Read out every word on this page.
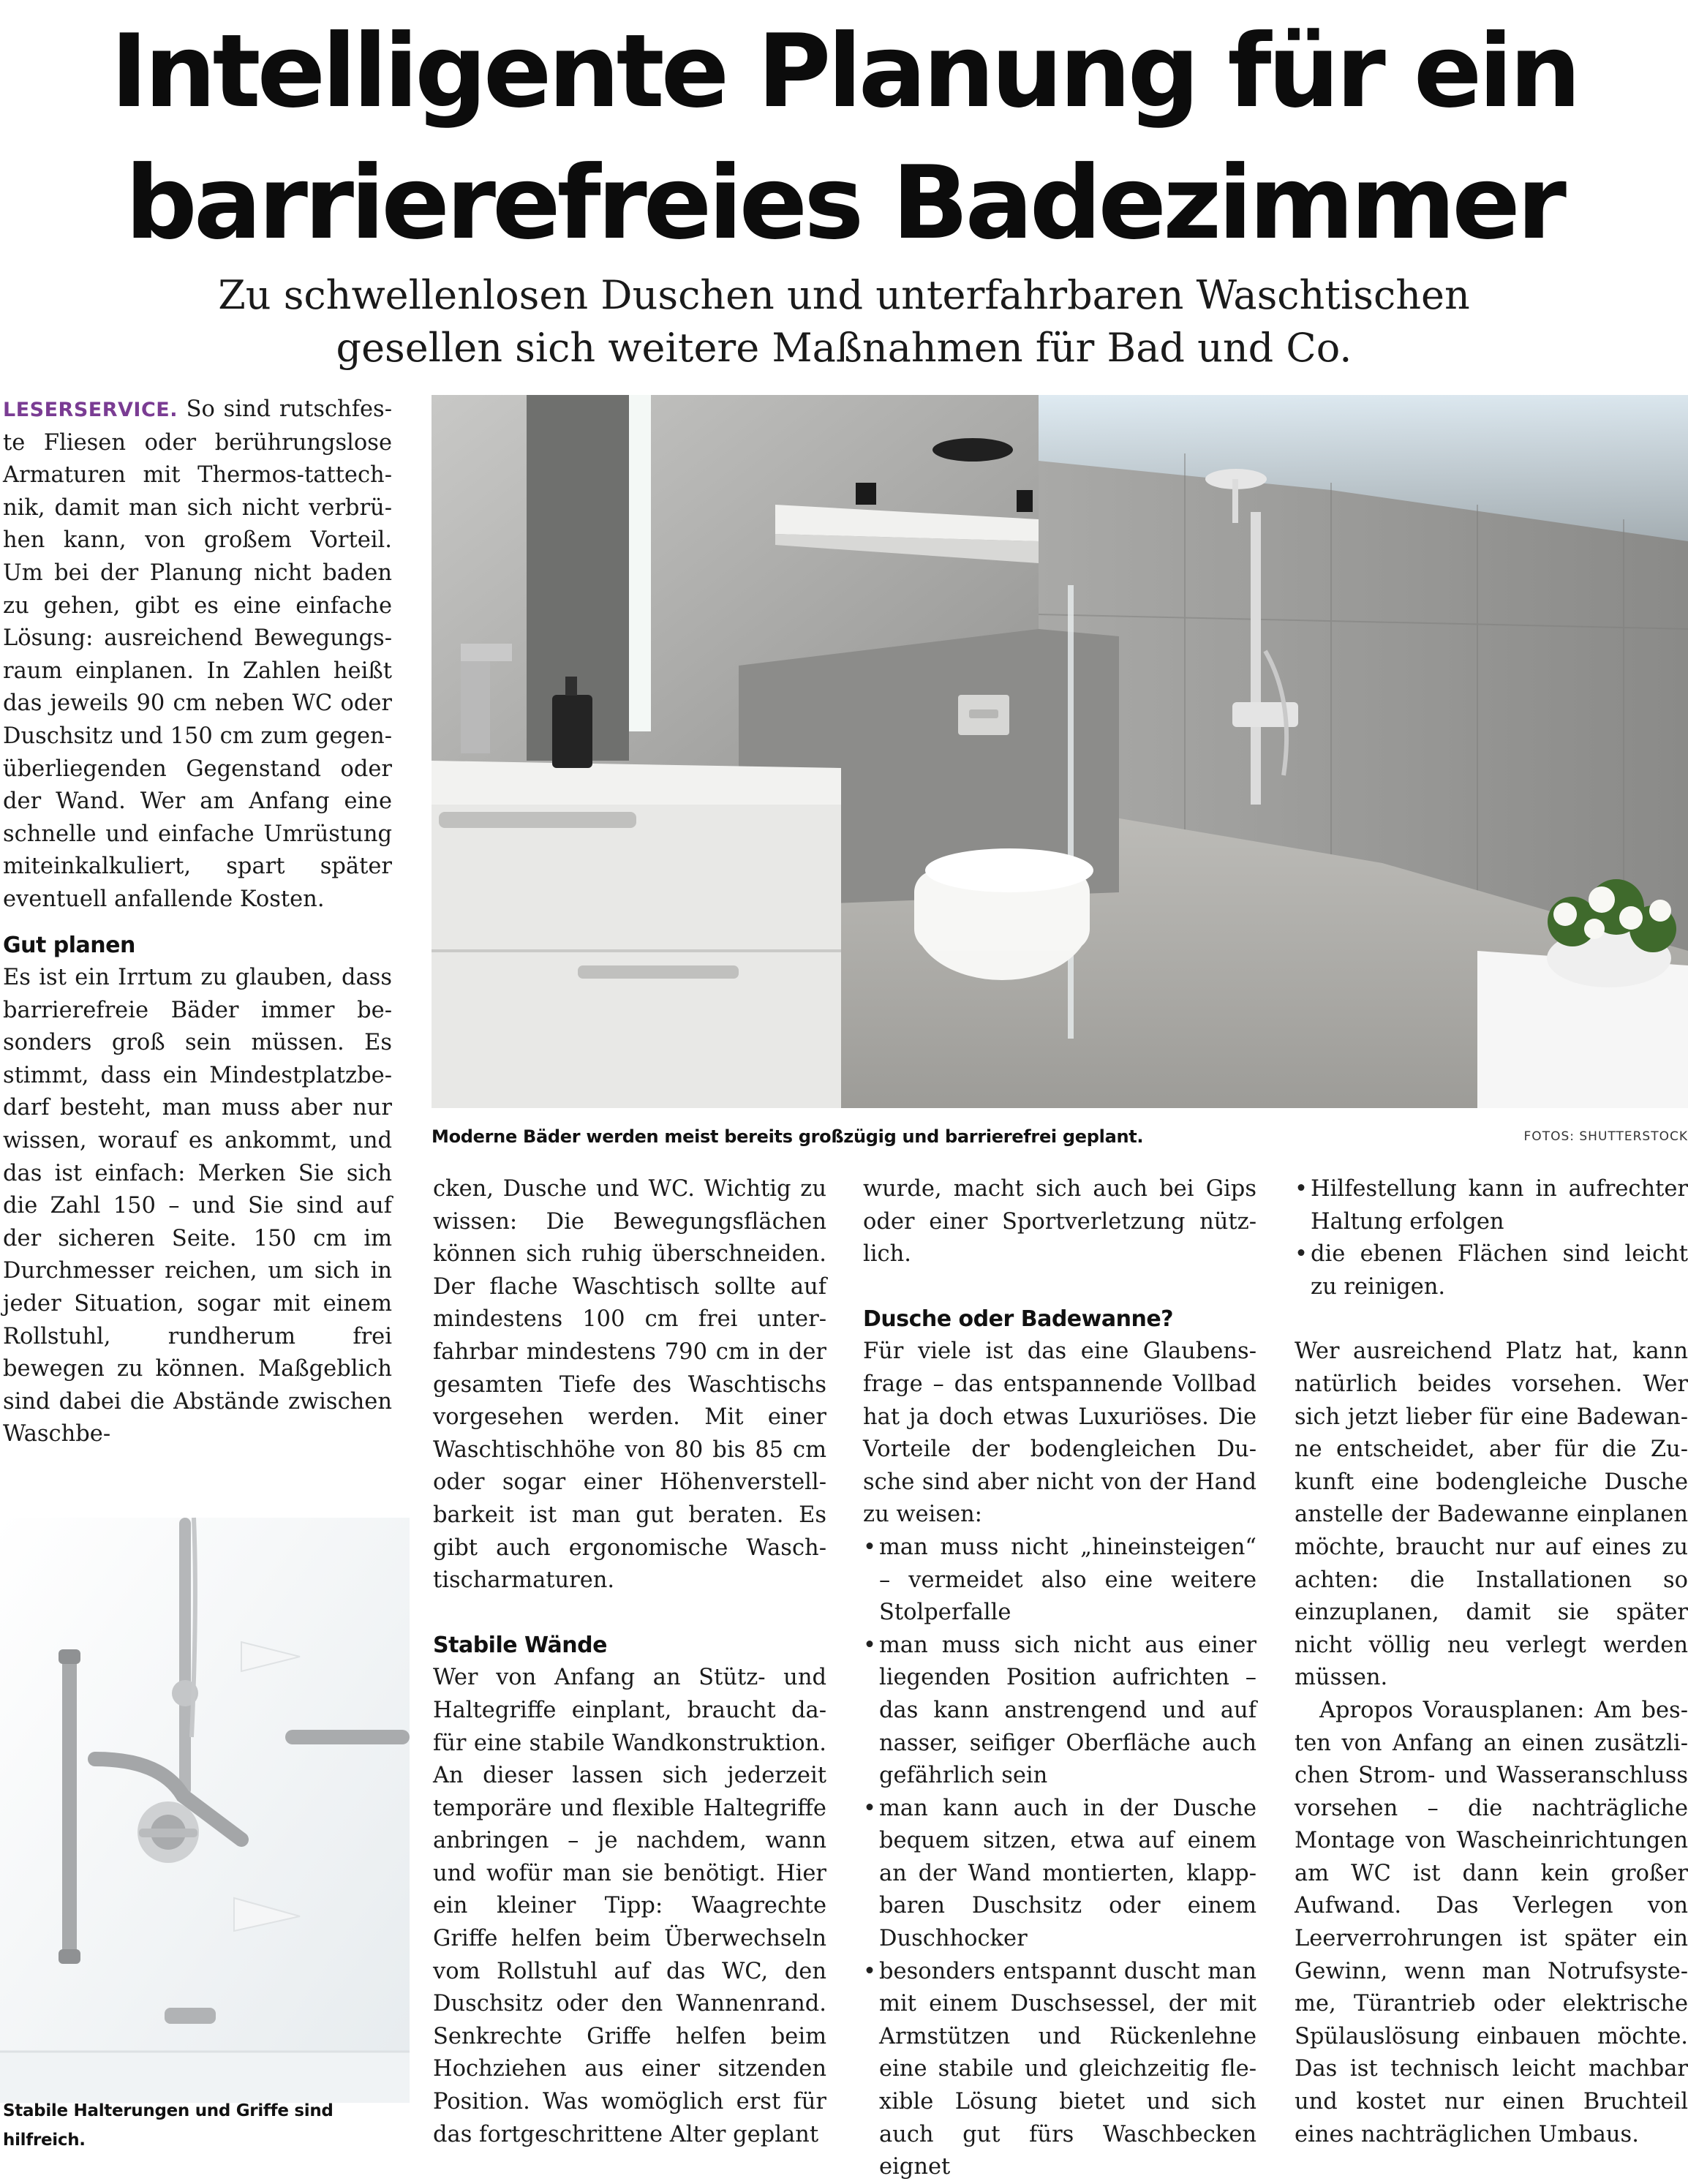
Intelligente Planung für ein
barrierefreies Badezimmer
Zu schwellenlosen Duschen und unterfahrbaren Waschtischen
gesellen sich weitere Maßnahmen für Bad und Co.
Moderne Bäder werden meist bereits großzügig und barrierefrei geplant.	FOTOS: SHUTTERSTOCK
Stabile Halterungen und Griffe sind hilfreich.

LESERSERVICE. So sind rutschfeste Fliesen oder berührungslose Armaturen mit Thermos-tattechnik, damit man sich nicht verbrühen kann, von großem Vorteil. Um bei der Planung nicht baden zu gehen, gibt es eine einfache Lösung: ausreichend Bewegungsraum einplanen. In Zahlen heißt das jeweils 90 cm neben WC oder Duschsitz und 150 cm zum gegenüberliegenden Gegenstand oder der Wand. Wer am Anfang eine schnelle und einfache Umrüstung miteinkalkuliert, spart später eventuell anfallende Kosten.

Gut planen

Es ist ein Irrtum zu glauben, dass barrierefreie Bäder immer besonders groß sein müssen. Es stimmt, dass ein Mindestplatzbedarf besteht, man muss aber nur wissen, worauf es ankommt, und das ist einfach: Merken Sie sich die Zahl 150 – und Sie sind auf der sicheren Seite. 150 cm im Durchmesser reichen, um sich in jeder Situation, sogar mit einem Rollstuhl, rundherum frei bewegen zu können. Maßgeblich sind dabei die Abstände zwischen Waschbe-

cken, Dusche und WC. Wichtig zu wissen: Die Bewegungsflächen können sich ruhig überschneiden. Der flache Waschtisch sollte auf mindestens 100 cm frei unterfahrbar mindestens 790 cm in der gesamten Tiefe des Waschtischs vorgesehen werden. Mit einer Waschtischhöhe von 80 bis 85 cm oder sogar einer Höhenverstellbarkeit ist man gut beraten. Es gibt auch ergonomische Waschtischarmaturen.

Stabile Wände

Wer von Anfang an Stütz- und Haltegriffe einplant, braucht dafür eine stabile Wandkonstruktion. An dieser lassen sich jederzeit temporäre und flexible Haltegriffe anbringen – je nachdem, wann und wofür man sie benötigt. Hier ein kleiner Tipp: Waagrechte Griffe helfen beim Überwechseln vom Rollstuhl auf das WC, den Duschsitz oder den Wannenrand. Senkrechte Griffe helfen beim Hochziehen aus einer sitzenden Position. Was womöglich erst für das fortgeschrittene Alter geplant

wurde, macht sich auch bei Gips oder einer Sportverletzung nützlich.

Dusche oder Badewanne?

Für viele ist das eine Glaubensfrage – das entspannende Vollbad hat ja doch etwas Luxuriöses. Die Vorteile der bodengleichen Dusche sind aber nicht von der Hand zu weisen:

• man muss nicht „hineinsteigen“ – vermeidet also eine weitere Stolperfalle
• man muss sich nicht aus einer liegenden Position aufrichten – das kann anstrengend und auf nasser, seifiger Oberfläche auch gefährlich sein
• man kann auch in der Dusche bequem sitzen, etwa auf einem an der Wand montierten, klappbaren Duschsitz oder einem Duschhocker
• besonders entspannt duscht man mit einem Duschsessel, der mit Armstützen und Rückenlehne eine stabile und gleichzeitig flexible Lösung bietet und sich auch gut fürs Waschbecken eignet
• Hilfestellung kann in aufrechter Haltung erfolgen
• die ebenen Flächen sind leicht zu reinigen.

Wer ausreichend Platz hat, kann natürlich beides vorsehen. Wer sich jetzt lieber für eine Badewanne entscheidet, aber für die Zukunft eine bodengleiche Dusche anstelle der Badewanne einplanen möchte, braucht nur auf eines zu achten: die Installationen so einzuplanen, damit sie später nicht völlig neu verlegt werden müssen.

Apropos Vorausplanen: Am besten von Anfang an einen zusätzlichen Strom- und Wasseranschluss vorsehen – die nachträgliche Montage von Wascheinrichtungen am WC ist dann kein großer Aufwand. Das Verlegen von Leerverrohrungen ist später ein Gewinn, wenn man Notrufsysteme, Türantrieb oder elektrische Spülauslösung einbauen möchte. Das ist technisch leicht machbar und kostet nur einen Bruchteil eines nachträglichen Umbaus.
